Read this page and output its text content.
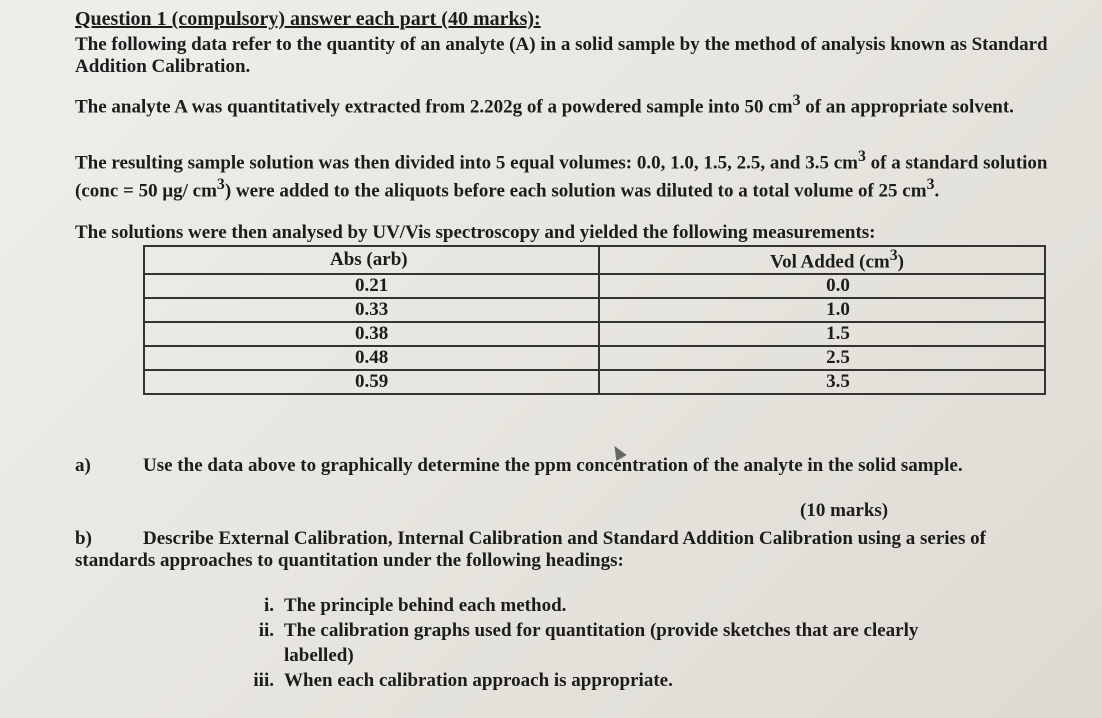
Question 1 (compulsory) answer each part (40 marks):
The following data refer to the quantity of an analyte (A) in a solid sample by the method of analysis known as Standard Addition Calibration.
The analyte A was quantitatively extracted from 2.202g of a powdered sample into 50 $cm^3$ of an appropriate solvent.
The resulting sample solution was then divided into 5 equal volumes: 0.0, 1.0, 1.5, 2.5, and 3.5 $cm^3$ of a standard solution (conc = 50 μg/ $cm^3$) were added to the aliquots before each solution was diluted to a total volume of 25 $cm^3$.
The solutions were then analysed by UV/Vis spectroscopy and yielded the following measurements:
Abs (arb)	Vol Added $(cm^3)$
0.21	0.0
0.33	1.0
0.38	1.5
0.48	2.5
0.59	3.5
a)	Use the data above to graphically determine the ppm concentration of the analyte in the solid sample.
(10 marks)
b)	Describe External Calibration, Internal Calibration and Standard Addition Calibration using a series of standards approaches to quantitation under the following headings:
i. The principle behind each method.
ii. The calibration graphs used for quantitation (provide sketches that are clearly labelled)
iii. When each calibration approach is appropriate.
